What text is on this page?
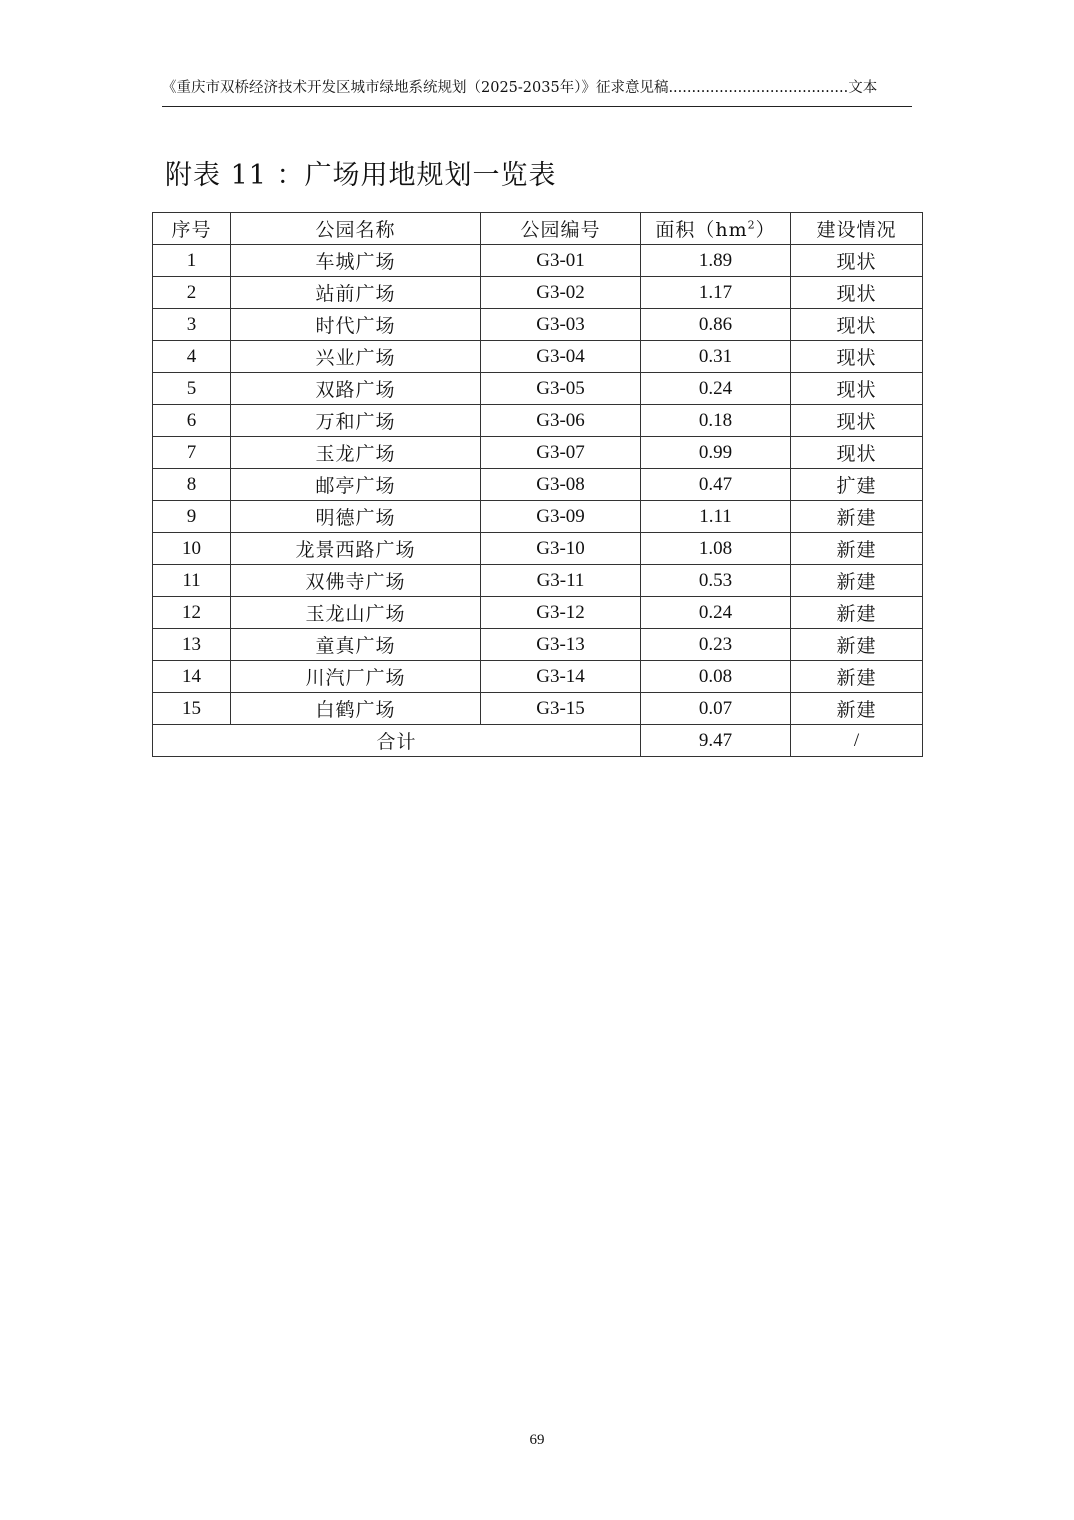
《重庆市双桥经济技术开发区城市绿地系统规划（2025-2035年）》征求意见稿.......................................文本
附表 11 ：广场用地规划一览表
序号	公园名称	公园编号	面积$(hm^2)$	建设情况
1	车城广场	G3-01	1.89	现状
2	站前广场	G3-02	1.17	现状
3	时代广场	G3-03	0.86	现状
4	兴业广场	G3-04	0.31	现状
5	双路广场	G3-05	0.24	现状
6	万和广场	G3-06	0.18	现状
7	玉龙广场	G3-07	0.99	现状
8	邮亭广场	G3-08	0.47	扩建
9	明德广场	G3-09	1.11	新建
10	龙景西路广场	G3-10	1.08	新建
11	双佛寺广场	G3-11	0.53	新建
12	玉龙山广场	G3-12	0.24	新建
13	童真广场	G3-13	0.23	新建
14	川汽厂广场	G3-14	0.08	新建
15	白鹤广场	G3-15	0.07	新建
合计			9.47	/
69
